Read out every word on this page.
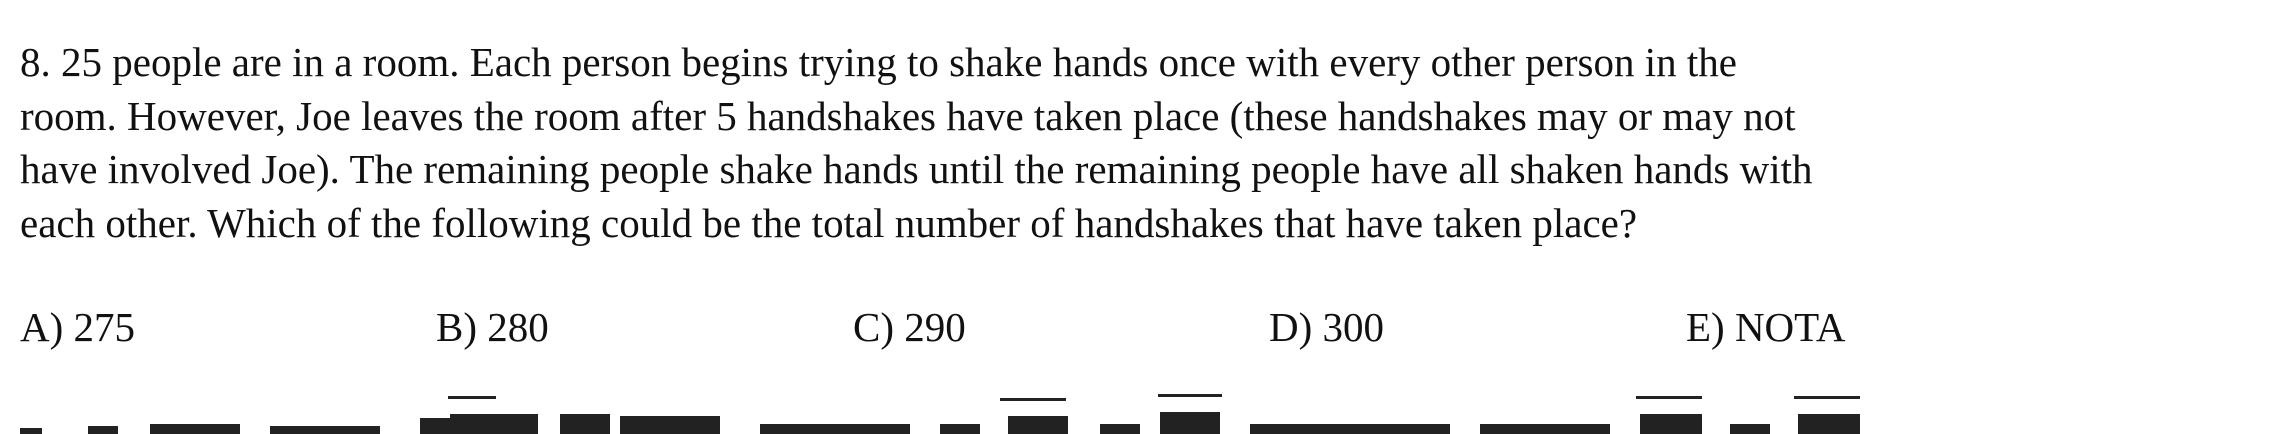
8. 25 people are in a room. Each person begins trying to shake hands once with every other person in the
room. However, Joe leaves the room after 5 handshakes have taken place (these handshakes may or may not
have involved Joe). The remaining people shake hands until the remaining people have all shaken hands with
each other. Which of the following could be the total number of handshakes that have taken place?

A) 275	B) 280	C) 290	D) 300	E) NOTA
